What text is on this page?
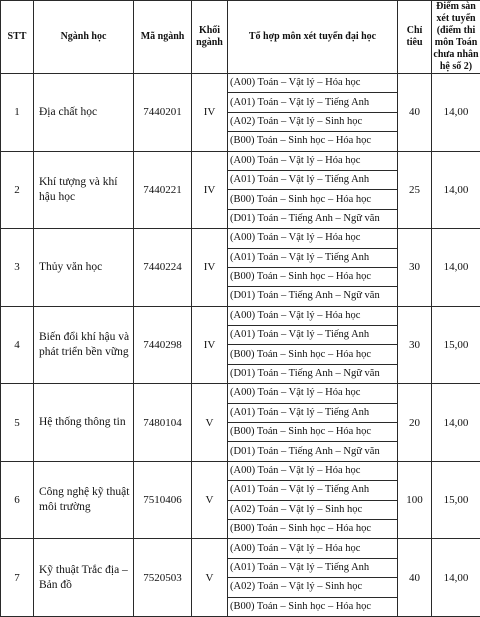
STT	Ngành học	Mã ngành	Khối ngành	Tổ hợp môn xét tuyển đại học	Chỉ tiêu	Điểm sàn xét tuyển (điểm thi môn Toán chưa nhân hệ số 2)
1	Địa chất học	7440201	IV	(A00) Toán – Vật lý – Hóa học	40	14,00
				(A01) Toán – Vật lý – Tiếng Anh		
				(A02) Toán – Vật lý – Sinh học		
				(B00) Toán – Sinh học – Hóa học		
2	Khí tượng và khí hậu học	7440221	IV	(A00) Toán – Vật lý – Hóa học	25	14,00
				(A01) Toán – Vật lý – Tiếng Anh		
				(B00) Toán – Sinh học – Hóa học		
				(D01) Toán – Tiếng Anh – Ngữ văn		
3	Thủy văn học	7440224	IV	(A00) Toán – Vật lý – Hóa học	30	14,00
				(A01) Toán – Vật lý – Tiếng Anh		
				(B00) Toán – Sinh học – Hóa học		
				(D01) Toán – Tiếng Anh – Ngữ văn		
4	Biến đổi khí hậu và phát triển bền vững	7440298	IV	(A00) Toán – Vật lý – Hóa học	30	15,00
				(A01) Toán – Vật lý – Tiếng Anh		
				(B00) Toán – Sinh học – Hóa học		
				(D01) Toán – Tiếng Anh – Ngữ văn		
5	Hệ thống thông tin	7480104	V	(A00) Toán – Vật lý – Hóa học	20	14,00
				(A01) Toán – Vật lý – Tiếng Anh		
				(B00) Toán – Sinh học – Hóa học		
				(D01) Toán – Tiếng Anh – Ngữ văn		
6	Công nghệ kỹ thuật môi trường	7510406	V	(A00) Toán – Vật lý – Hóa học	100	15,00
				(A01) Toán – Vật lý – Tiếng Anh		
				(A02) Toán – Vật lý – Sinh học		
				(B00) Toán – Sinh học – Hóa học		
7	Kỹ thuật Trắc địa – Bản đồ	7520503	V	(A00) Toán – Vật lý – Hóa học	40	14,00
				(A01) Toán – Vật lý – Tiếng Anh		
				(A02) Toán – Vật lý – Sinh học		
				(B00) Toán – Sinh học – Hóa học		
